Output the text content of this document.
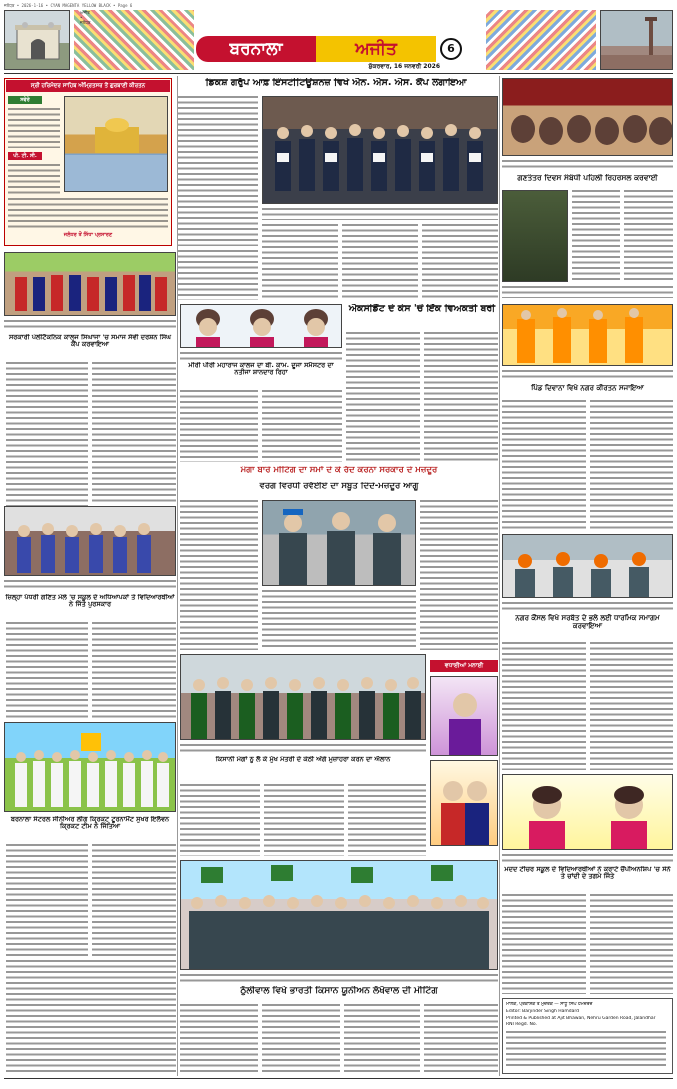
ਜਲੰਧਰ • 2026-1-16 • CYAN MAGENTA YELLOW BLACK • Page 6
ਅਜੀਤ • ਜਲੰਧਰ
ਬਰਨਾਲਾ	ਅਜੀਤ
ਸ਼ੁੱਕਰਵਾਰ, 16 ਜਨਵਰੀ 2026
6
ਸ੍ਰੀ ਹਰਿਮੰਦਰ ਸਾਹਿਬ ਅੰਮ੍ਰਿਤਸਰ ਤੋਂ ਗੁਰਬਾਣੀ ਕੀਰਤਨ
ਸਵੇਰੇ
ਪੀ. ਟੀ. ਸੀ.
ਜਲੰਧਰ ਤੋਂ ਸਿੱਧਾ ਪ੍ਰਸਾਰਣ
ਡਿਕਸ਼ ਗਰੁੱਪ ਆਫ਼ ਇੰਸਟੀਟਿਊਸ਼ਨਜ਼ ਵਿਖੇ ਐਨ. ਐਸ. ਐਸ. ਕੈਂਪ ਲਗਾਇਆ
ਗਣਤੰਤਰ ਦਿਵਸ ਸੰਬੰਧੀ ਪਹਿਲੀ ਰਿਹਰਸਲ ਕਰਵਾਈ
ਸਰਕਾਰੀ ਪੋਲੀਟੈਕਨਿਕ ਕਾਲਜ ਸਿਘਾਜਾ 'ਚ ਸਮਾਜ ਸੇਵੀ ਦਰਸ਼ਨ ਸਿੰਘ ਕੈਂਪ ਕਰਵਾਇਆ
ਮੀਰੀ ਪੀਰੀ ਮਹਾਰਾਜ ਕਾਲਜ ਦਾ ਬੀ. ਕਾਮ. ਦੂਜਾ ਸਮੈਸਟਰ ਦਾ ਨਤੀਜਾ ਸ਼ਾਨਦਾਰ ਰਿਹਾ
ਐਕਸੀਡੈਂਟ ਦੇ ਕੇਸ 'ਚੋਂ ਇੱਕ ਵਿਅਕਤੀ ਬਰੀ
ਪਿੰਡ ਦਿਵਾਨਾ ਵਿਖੇ ਨਗਰ ਕੀਰਤਨ ਸਜਾਇਆ
ਮੰਗਾ ਬਾਰੇ ਮੀਟਿੰਗ ਦਾ ਸਮਾਂ ਦੇ ਕੇ ਰੱਦ ਕਰਨਾ ਸਰਕਾਰ ਦੇ ਮਜ਼ਦੂਰ
ਵਰਗ ਵਿਰੋਧੀ ਰਵੱਈਏ ਦਾ ਸਬੂਤ ਦਿੰਦੇ-ਮਜ਼ਦੂਰ ਆਗੂ
ਜ਼ਿਲ੍ਹਾ ਪੱਧਰੀ ਗਣਿਤ ਮੇਲੇ 'ਚ ਸਕੂਲ ਦੇ ਅਧਿਆਪਕਾਂ ਤੇ ਵਿਦਿਆਰਥੀਆਂ ਨੇ ਜਿੱਤੇ ਪੁਰਸਕਾਰ
ਨਗਰ ਕੌਂਸਲ ਵਿਖੇ ਸਰਬੱਤ ਦੇ ਭਲੇ ਲਈ ਧਾਰਮਿਕ ਸਮਾਗਮ ਕਰਵਾਇਆ
ਕਿਸਾਨੀ ਮੰਗਾਂ ਨੂੰ ਲੈ ਕੇ ਮੁੱਖ ਮੰਤਰੀ ਦੇ ਕੋਠੀ ਅੱਗੇ ਮੁਜ਼ਾਹਰਾ ਕਰਨ ਦਾ ਐਲਾਨ
ਵਧਾਈਆਂ ਮਨਾਈ
ਬਰਨਾਲਾ ਸੰਟਰਲ ਸੀਨੀਅਰ ਲੀਗ ਕ੍ਰਿਕਟ ਟੂਰਨਾਮੈਂਟ ਸੁਖਰ ਇਲੈਵਨ ਕ੍ਰਿਕਟ ਟੀਮ ਨੇ ਜਿੱਤਿਆ
ਮਦਦ ਟੀਚਰ ਸਕੂਲ ਦੇ ਵਿਦਿਆਰਥੀਆਂ ਨੇ ਕਰਾਟੇ ਚੈਂਪੀਅਨਸ਼ਿਪ 'ਚ ਸੋਨੇ ਤੇ ਚਾਂਦੀ ਦੇ ਤਗਮੇ ਜਿੱਤੇ
ਠੁੱਲੀਵਾਲ ਵਿਖੇ ਭਾਰਤੀ ਕਿਸਾਨ ਯੂਨੀਅਨ ਲੱਖੋਵਾਲ ਦੀ ਮੀਟਿੰਗ
ਮਾਲਕ, ਪ੍ਰਕਾਸ਼ਕ ਤੇ ਮੁਦਰਕ — ਸਾਧੂ ਸਿੰਘ ਹਮਦਰਦ
Editor: Barjinder Singh Hamdard
Printed & Published at Ajit Bhawan, Nehru Garden Road, Jalandhar
RNI Regd. No.
